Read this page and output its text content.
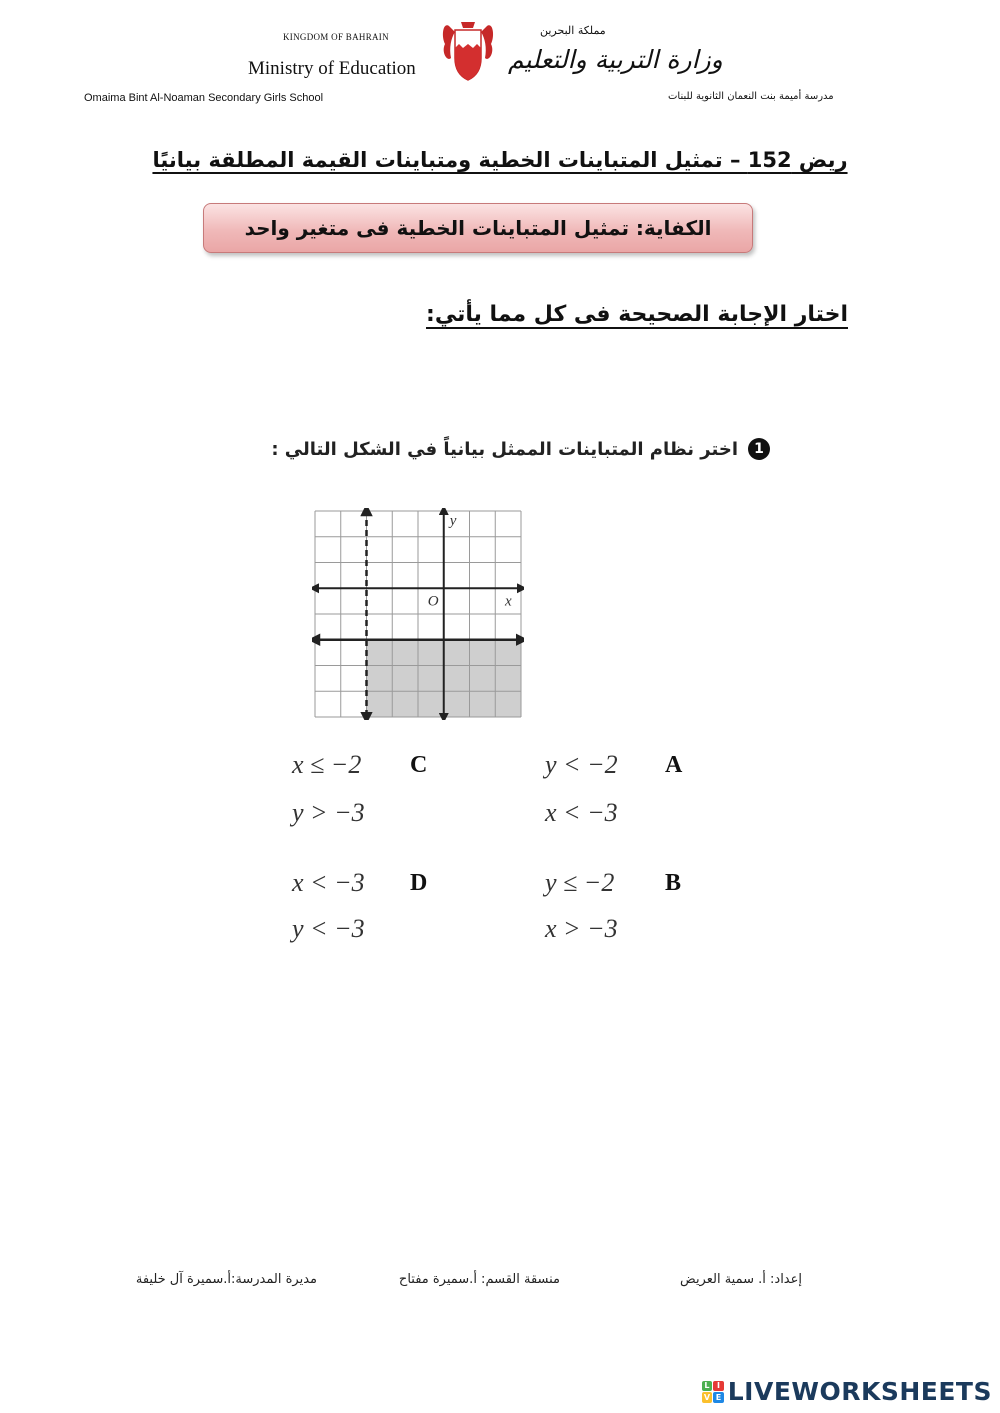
KINGDOM OF BAHRAIN
Ministry of Education
Omaima Bint Al-Noaman Secondary Girls School
مملكة البحرين
وزارة التربية والتعليم
مدرسة أميمة بنت النعمان الثانوية للبنات
ريض 152 – تمثيل المتباينات الخطية ومتباينات القيمة المطلقة بيانيًا
الكفاية: تمثيل المتباينات الخطية فى متغير واحد
اختار الإجابة الصحيحة فى كل مما يأتي:
1
اختر نظام المتباينات الممثل بيانياً في الشكل التالي :
y
x
O
A
y < −2
x < −3
B
y ≤ −2
x > −3
C
x ≤ −2
y > −3
D
x < −3
y < −3
إعداد: أ. سمية العريض
منسقة القسم: أ.سميرة مفتاح
مديرة المدرسة:أ.سميرة آل خليفة
L I
V E LIVEWORKSHEETS
